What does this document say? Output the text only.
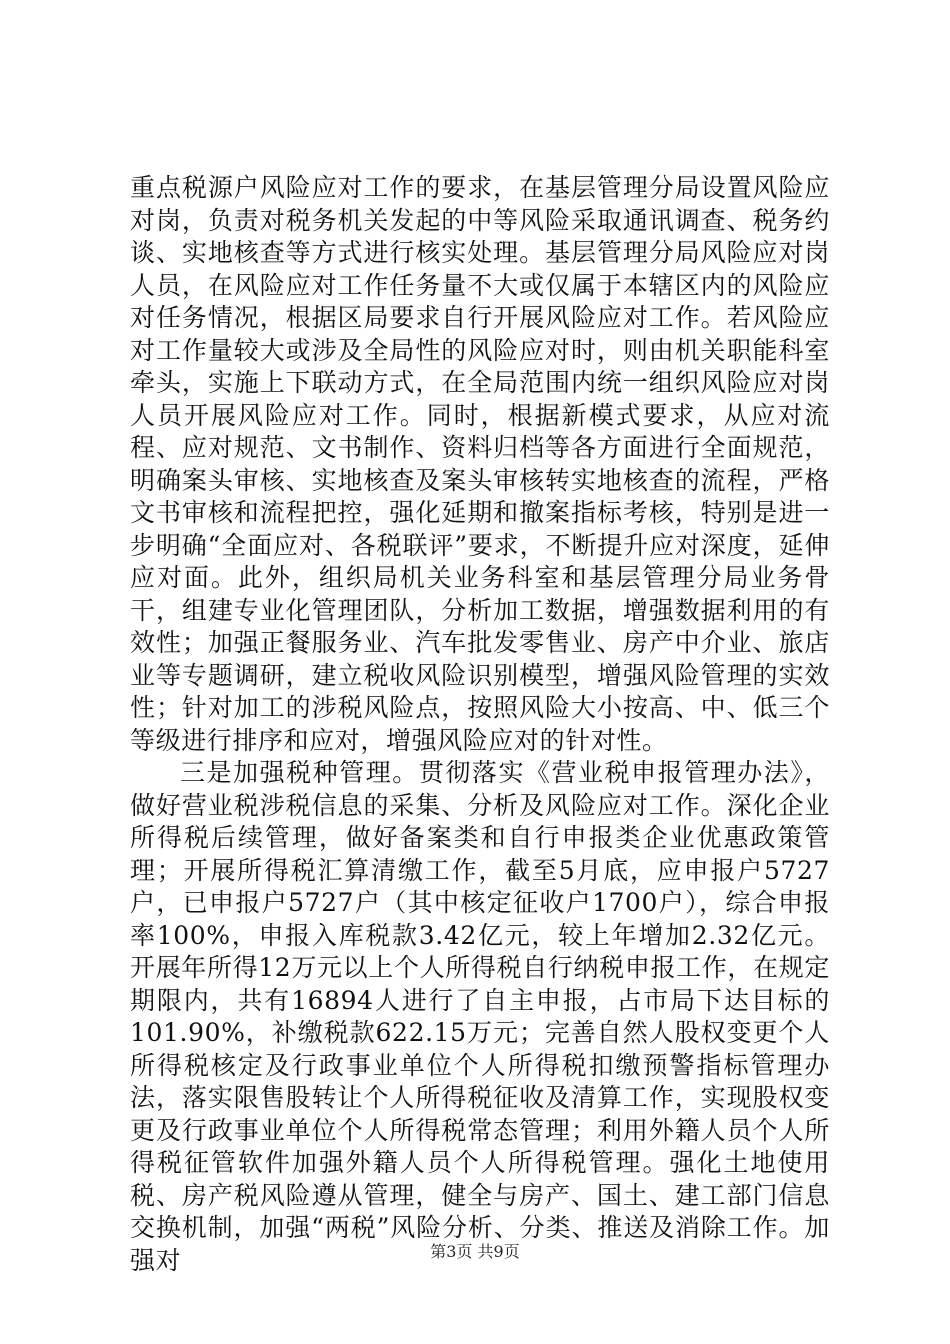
重点税源户风险应对工作的要求，在基层管理分局设置风险应对岗，负责对税务机关发起的中等风险采取通讯调查、税务约谈、实地核查等方式进行核实处理。基层管理分局风险应对岗人员，在风险应对工作任务量不大或仅属于本辖区内的风险应对任务情况，根据区局要求自行开展风险应对工作。若风险应对工作量较大或涉及全局性的风险应对时，则由机关职能科室牵头，实施上下联动方式，在全局范围内统一组织风险应对岗人员开展风险应对工作。同时，根据新模式要求，从应对流程、应对规范、文书制作、资料归档等各方面进行全面规范，明确案头审核、实地核查及案头审核转实地核查的流程，严格文书审核和流程把控，强化延期和撤案指标考核，特别是进一步明确“全面应对、各税联评”要求，不断提升应对深度，延伸应对面。此外，组织局机关业务科室和基层管理分局业务骨干，组建专业化管理团队，分析加工数据，增强数据利用的有效性；加强正餐服务业、汽车批发零售业、房产中介业、旅店业等专题调研，建立税收风险识别模型，增强风险管理的实效性；针对加工的涉税风险点，按照风险大小按高、中、低三个等级进行排序和应对，增强风险应对的针对性。

三是加强税种管理。贯彻落实《营业税申报管理办法》，做好营业税涉税信息的采集、分析及风险应对工作。深化企业所得税后续管理，做好备案类和自行申报类企业优惠政策管理；开展所得税汇算清缴工作，截至5月底，应申报户5727户，已申报户5727户（其中核定征收户1700户），综合申报率100%，申报入库税款3.42亿元，较上年增加2.32亿元。开展年所得12万元以上个人所得税自行纳税申报工作，在规定期限内，共有16894人进行了自主申报，占市局下达目标的101.90%，补缴税款622.15万元；完善自然人股权变更个人所得税核定及行政事业单位个人所得税扣缴预警指标管理办法，落实限售股转让个人所得税征收及清算工作，实现股权变更及行政事业单位个人所得税常态管理；利用外籍人员个人所得税征管软件加强外籍人员个人所得税管理。强化土地使用税、房产税风险遵从管理，健全与房产、国土、建工部门信息交换机制，加强“两税”风险分析、分类、推送及消除工作。加强对	第3页 共9页
